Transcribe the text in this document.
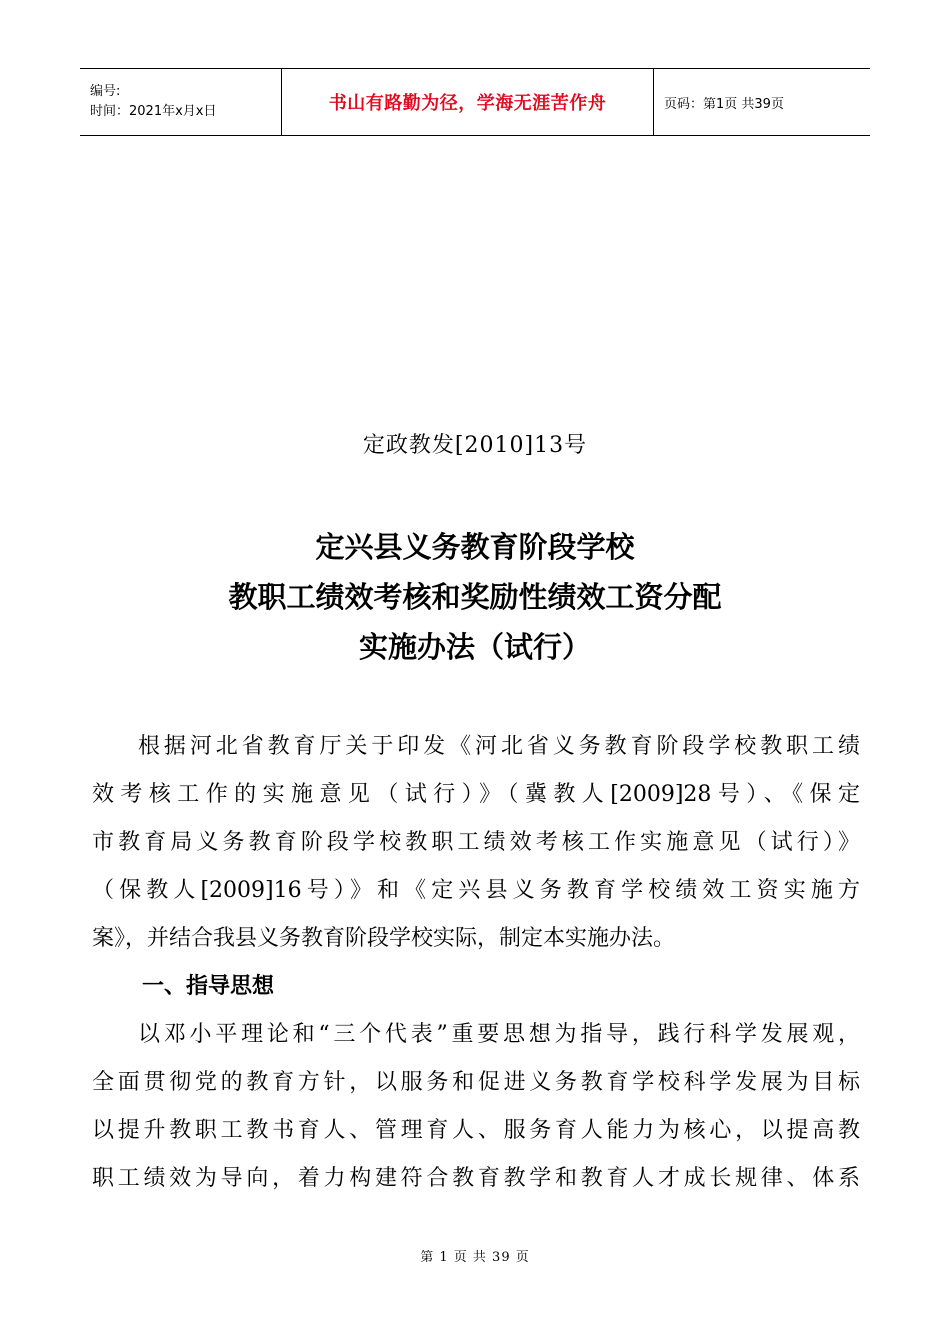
编号:
时间：2021年x月x日	书山有路勤为径，学海无涯苦作舟	页码：第1页 共39页
定政教发[2010]13号
定兴县义务教育阶段学校
教职工绩效考核和奖励性绩效工资分配
实施办法（试行）
根据河北省教育厅关于印发《河北省义务教育阶段学校教职工绩
效考核工作的实施意见（试行）》（冀教人[2009]28号）、《保定
市教育局义务教育阶段学校教职工绩效考核工作实施意见（试行）》
（保教人[2009]16号）》和《定兴县义务教育学校绩效工资实施方
案》，并结合我县义务教育阶段学校实际，制定本实施办法。
一、指导思想
以邓小平理论和“三个代表”重要思想为指导，践行科学发展观，
全面贯彻党的教育方针，以服务和促进义务教育学校科学发展为目标
以提升教职工教书育人、管理育人、服务育人能力为核心，以提高教
职工绩效为导向，着力构建符合教育教学和教育人才成长规律、体系
第 1 页 共 39 页
